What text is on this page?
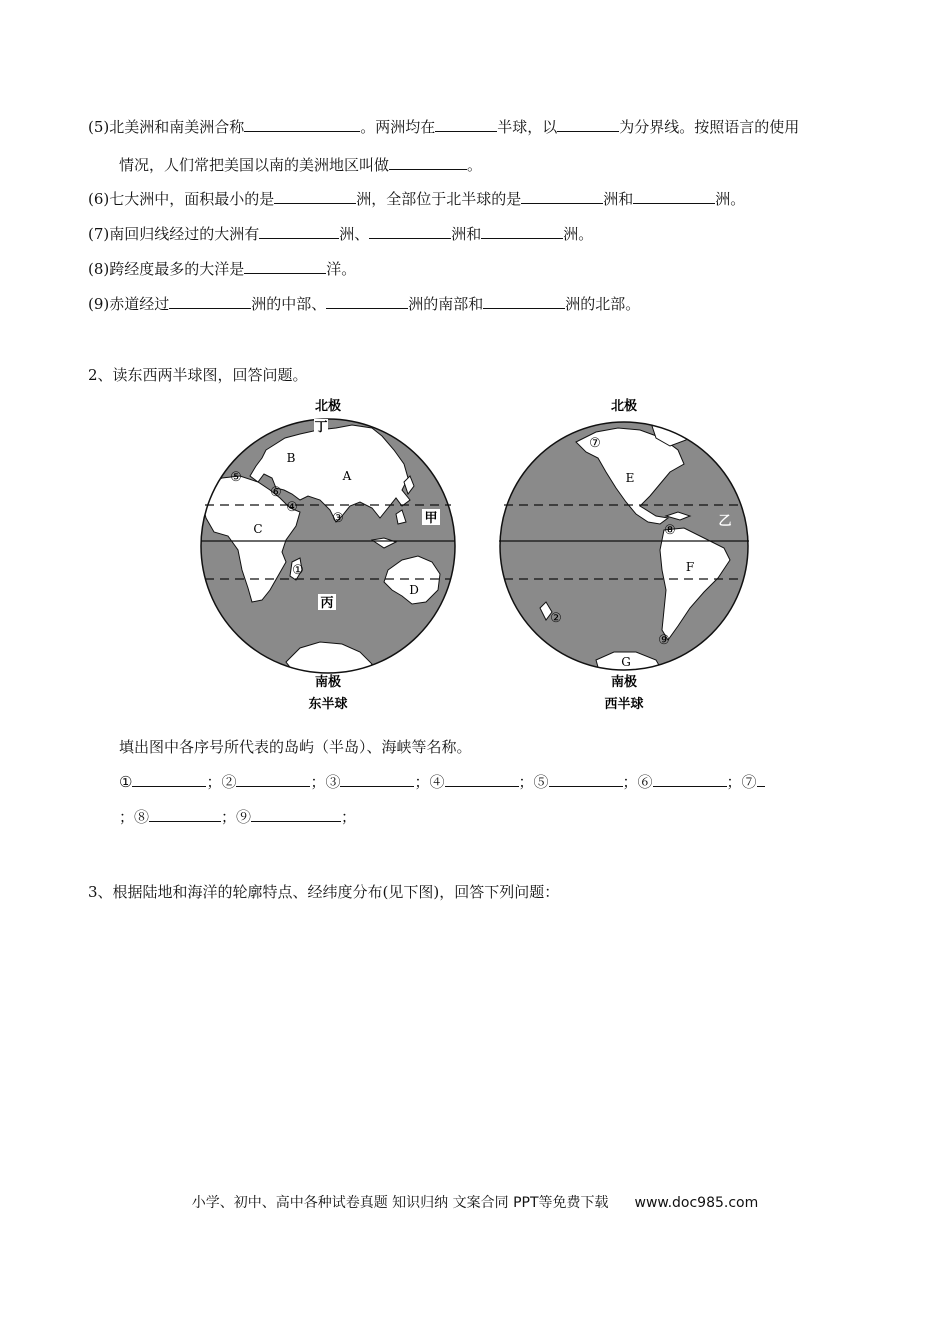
(5)北美洲和南美洲合称	。两洲均在	半球，以	为分界线。按照语言的使用
情况，人们常把美国以南的美洲地区叫做	。
(6)七大洲中，面积最小的是	洲，全部位于北半球的是	洲和	洲。
(7)南回归线经过的大洲有	洲、	洲和	洲。
(8)跨经度最多的大洋是	洋。
(9)赤道经过	洲的中部、	洲的南部和	洲的北部。
2、读东西两半球图，回答问题。
北极
丁
B
A
C
D
甲
丙
⑤
⑥
④
③
①
南极
东半球
北极
E
F
G
乙
⑦
⑧
②
⑨
南极
西半球
填出图中各序号所代表的岛屿（半岛）、海峡等名称。
①	；②	；③	；④	；⑤	；⑥	；⑦
；⑧	；⑨	；
3、根据陆地和海洋的轮廓特点、经纬度分布(见下图)，回答下列问题：
小学、初中、高中各种试卷真题 知识归纳 文案合同 PPT等免费下载 www.doc985.com
